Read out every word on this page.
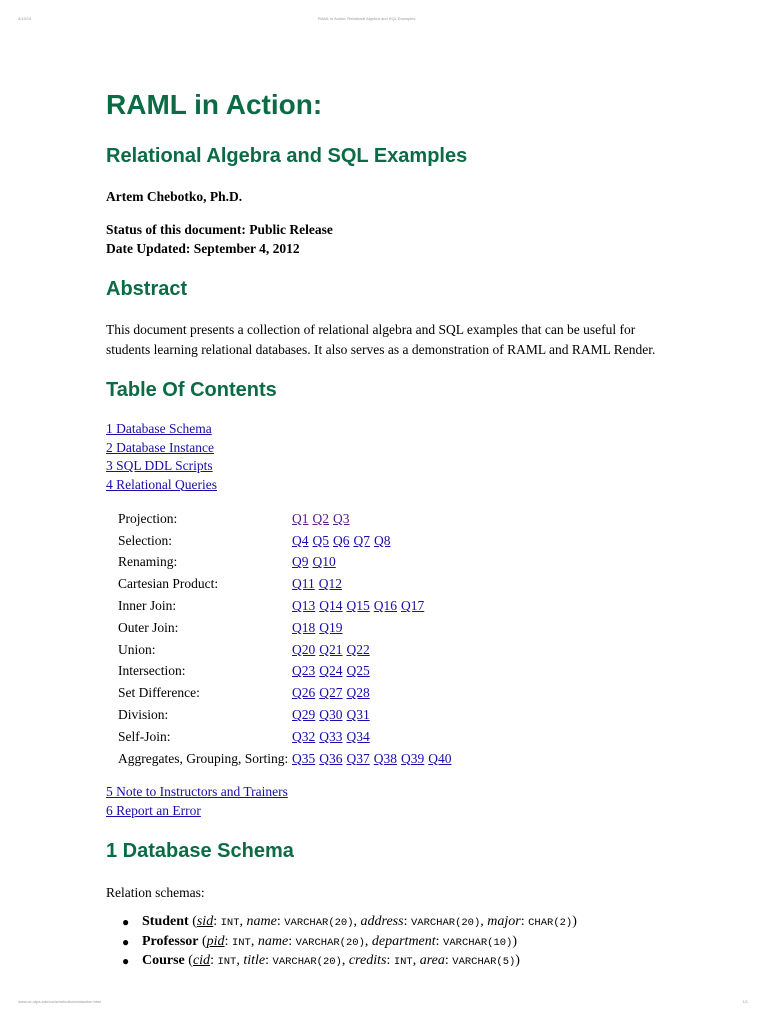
4/13/14	RAML in Action: Relational Algebra and SQL Examples
RAML in Action:
Relational Algebra and SQL Examples
Artem Chebotko, Ph.D.
Status of this document: Public Release
Date Updated: September 4, 2012
Abstract
This document presents a collection of relational algebra and SQL examples that can be useful for
students learning relational databases. It also serves as a demonstration of RAML and RAML Render.
Table Of Contents
1 Database Schema
2 Database Instance
3 SQL DDL Scripts
4 Relational Queries
Projection:	Q1 Q2 Q3
Selection:	Q4 Q5 Q6 Q7 Q8
Renaming:	Q9 Q10
Cartesian Product:	Q11 Q12
Inner Join:	Q13 Q14 Q15 Q16 Q17
Outer Join:	Q18 Q19
Union:	Q20 Q21 Q22
Intersection:	Q23 Q24 Q25
Set Difference:	Q26 Q27 Q28
Division:	Q29 Q30 Q31
Self-Join:	Q32 Q33 Q34
Aggregates, Grouping, Sorting:	Q35 Q36 Q37 Q38 Q39 Q40
5 Note to Instructors and Trainers
6 Report an Error
1 Database Schema
Relation schemas:
● Student (sid: INT, name: VARCHAR(20), address: VARCHAR(20), major: CHAR(2))
● Professor (pid: INT, name: VARCHAR(20), department: VARCHAR(10))
● Course (cid: INT, title: VARCHAR(20), credits: INT, area: VARCHAR(5))
www.cs.utpa.edu/cs/achebotko/ramlaction.html	1/1
